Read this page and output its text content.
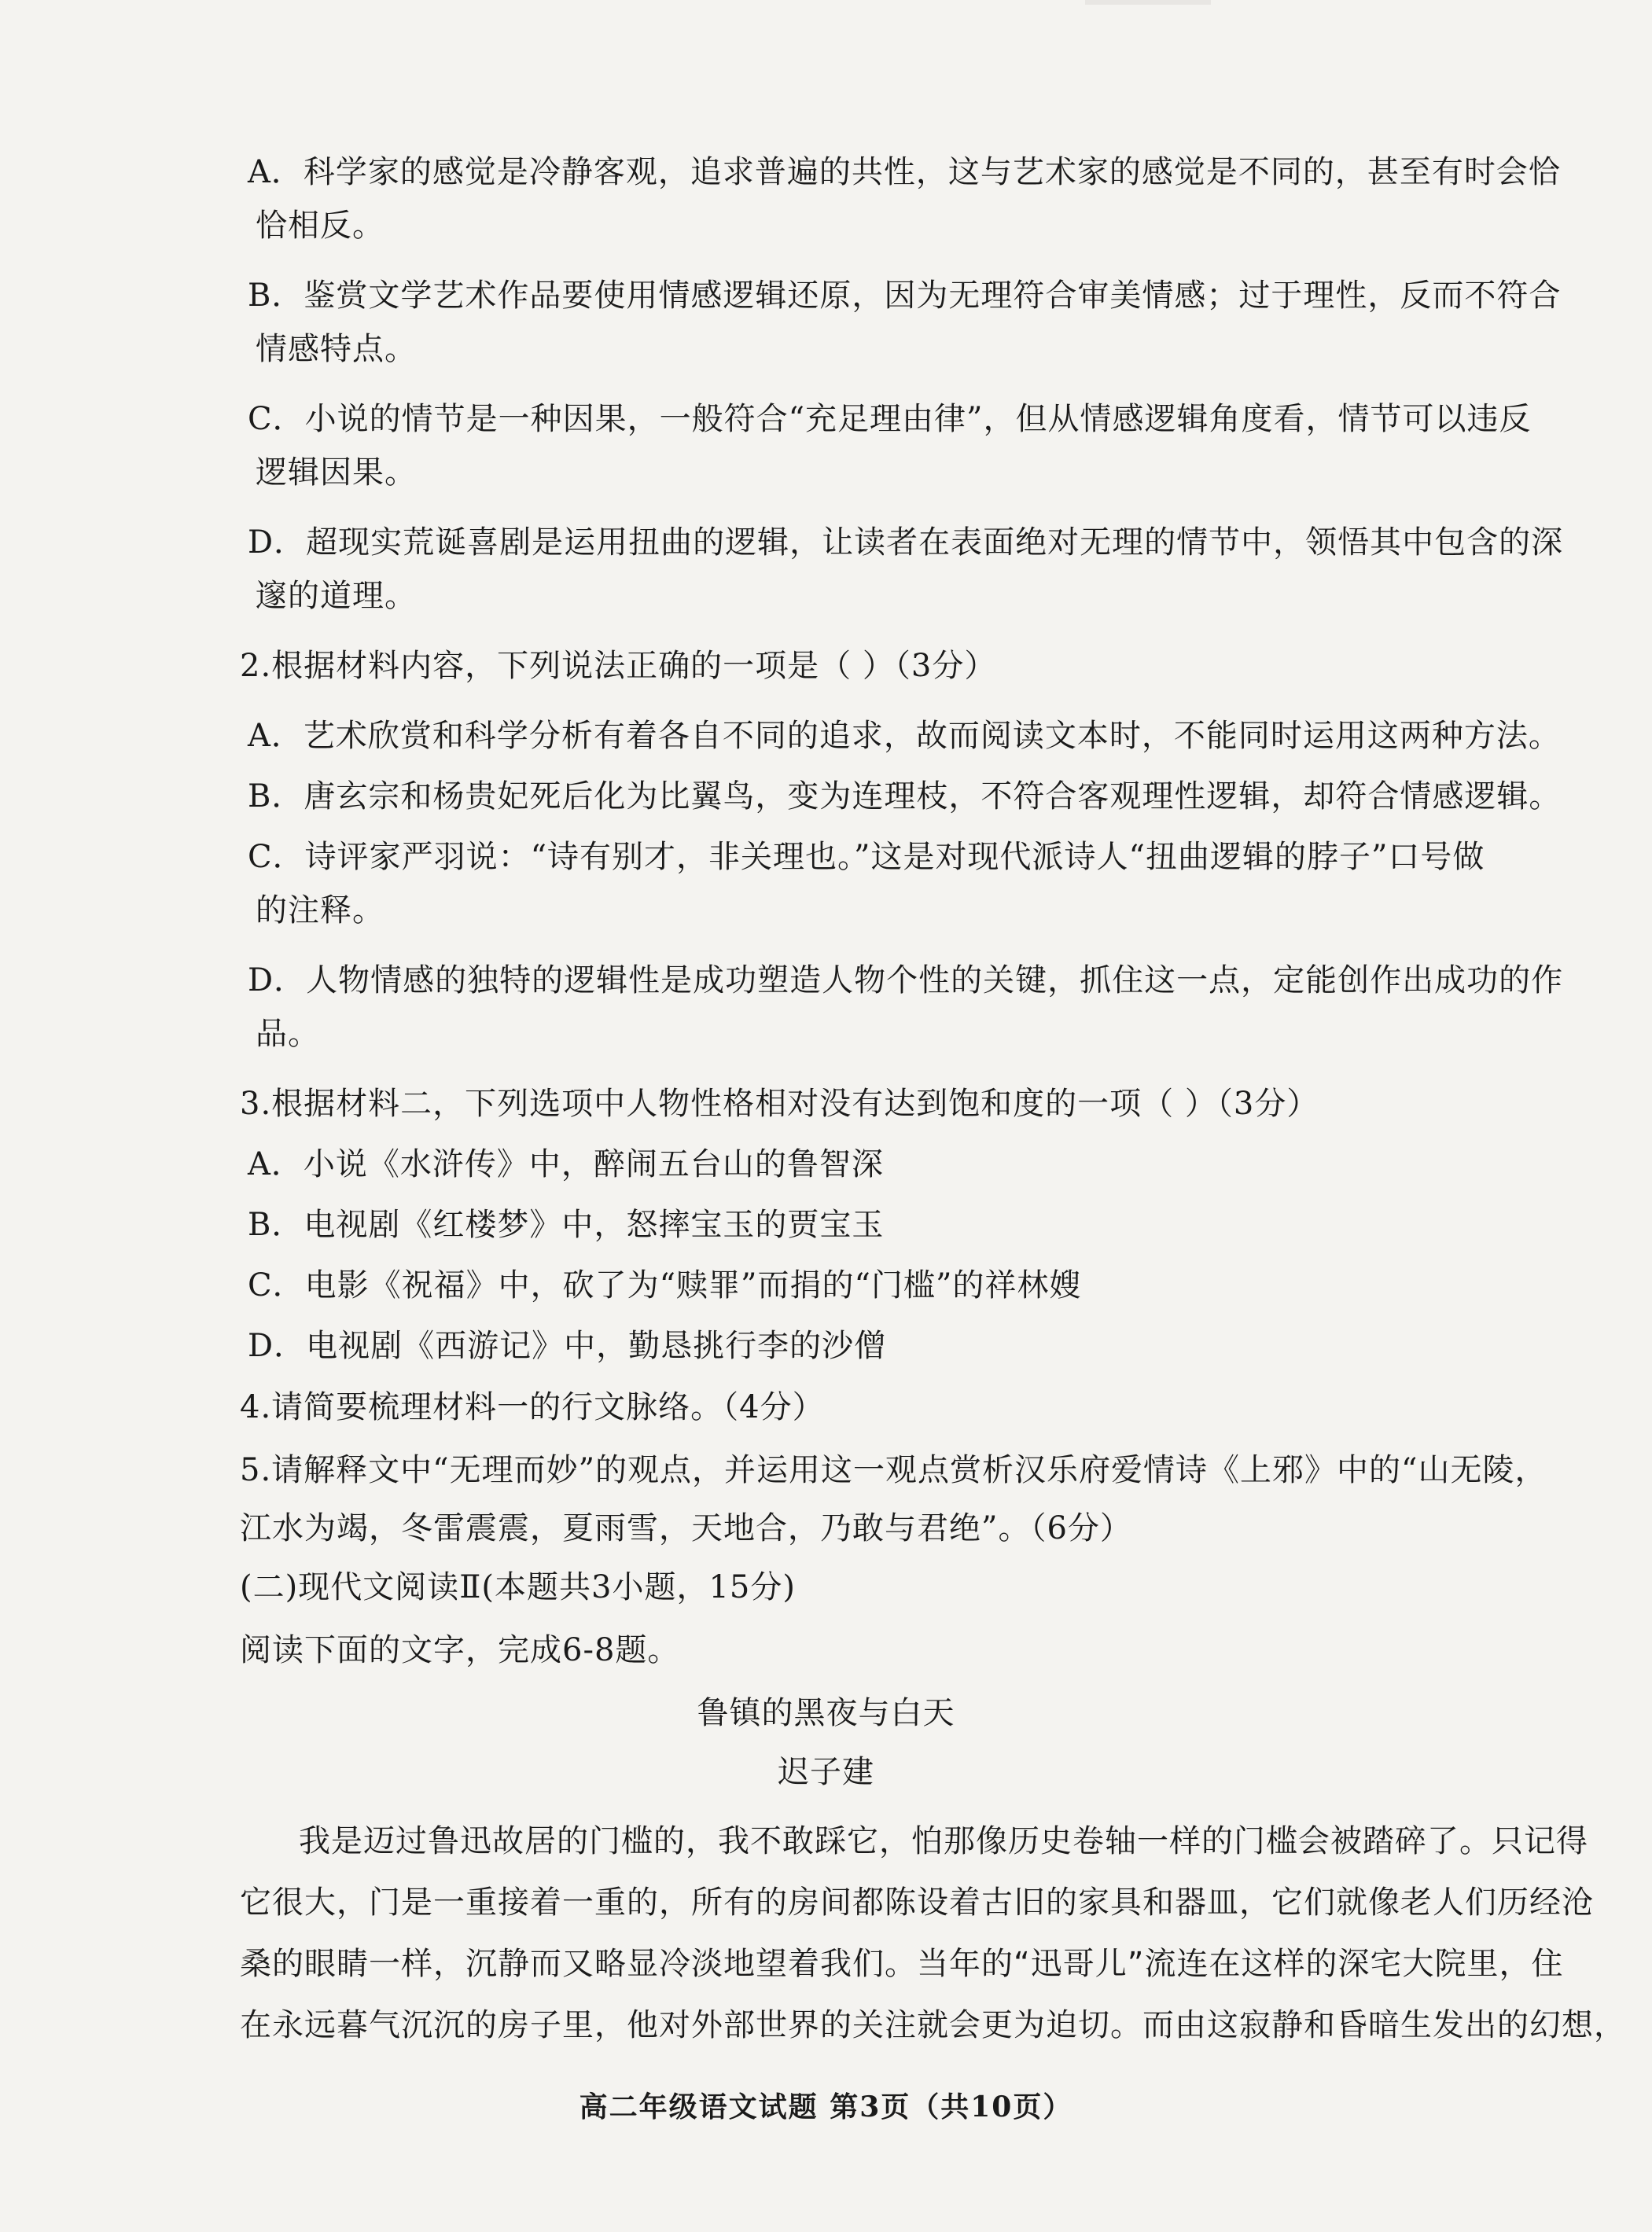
A．科学家的感觉是冷静客观，追求普遍的共性，这与艺术家的感觉是不同的，甚至有时会恰
恰相反。
B．鉴赏文学艺术作品要使用情感逻辑还原，因为无理符合审美情感；过于理性，反而不符合
情感特点。
C．小说的情节是一种因果，一般符合“充足理由律”，但从情感逻辑角度看，情节可以违反
逻辑因果。
D．超现实荒诞喜剧是运用扭曲的逻辑，让读者在表面绝对无理的情节中，领悟其中包含的深
邃的道理。
2.根据材料内容，下列说法正确的一项是（ ）（3分）
A．艺术欣赏和科学分析有着各自不同的追求，故而阅读文本时，不能同时运用这两种方法。
B．唐玄宗和杨贵妃死后化为比翼鸟，变为连理枝，不符合客观理性逻辑，却符合情感逻辑。
C．诗评家严羽说：“诗有别才，非关理也。”这是对现代派诗人“扭曲逻辑的脖子”口号做
的注释。
D．人物情感的独特的逻辑性是成功塑造人物个性的关键，抓住这一点，定能创作出成功的作
品。
3.根据材料二，下列选项中人物性格相对没有达到饱和度的一项（ ）（3分）
A．小说《水浒传》中，醉闹五台山的鲁智深
B．电视剧《红楼梦》中，怒摔宝玉的贾宝玉
C．电影《祝福》中，砍了为“赎罪”而捐的“门槛”的祥林嫂
D．电视剧《西游记》中，勤恳挑行李的沙僧
4.请简要梳理材料一的行文脉络。（4分）
5.请解释文中“无理而妙”的观点，并运用这一观点赏析汉乐府爱情诗《上邪》中的“山无陵，
江水为竭，冬雷震震，夏雨雪，天地合，乃敢与君绝”。（6分）
(二)现代文阅读Ⅱ(本题共3小题，15分)
阅读下面的文字，完成6-8题。
鲁镇的黑夜与白天
迟子建
我是迈过鲁迅故居的门槛的，我不敢踩它，怕那像历史卷轴一样的门槛会被踏碎了。只记得
它很大，门是一重接着一重的，所有的房间都陈设着古旧的家具和器皿，它们就像老人们历经沧
桑的眼睛一样，沉静而又略显冷淡地望着我们。当年的“迅哥儿”流连在这样的深宅大院里，住
在永远暮气沉沉的房子里，他对外部世界的关注就会更为迫切。而由这寂静和昏暗生发出的幻想，
高二年级语文试题 第3页（共10页）
